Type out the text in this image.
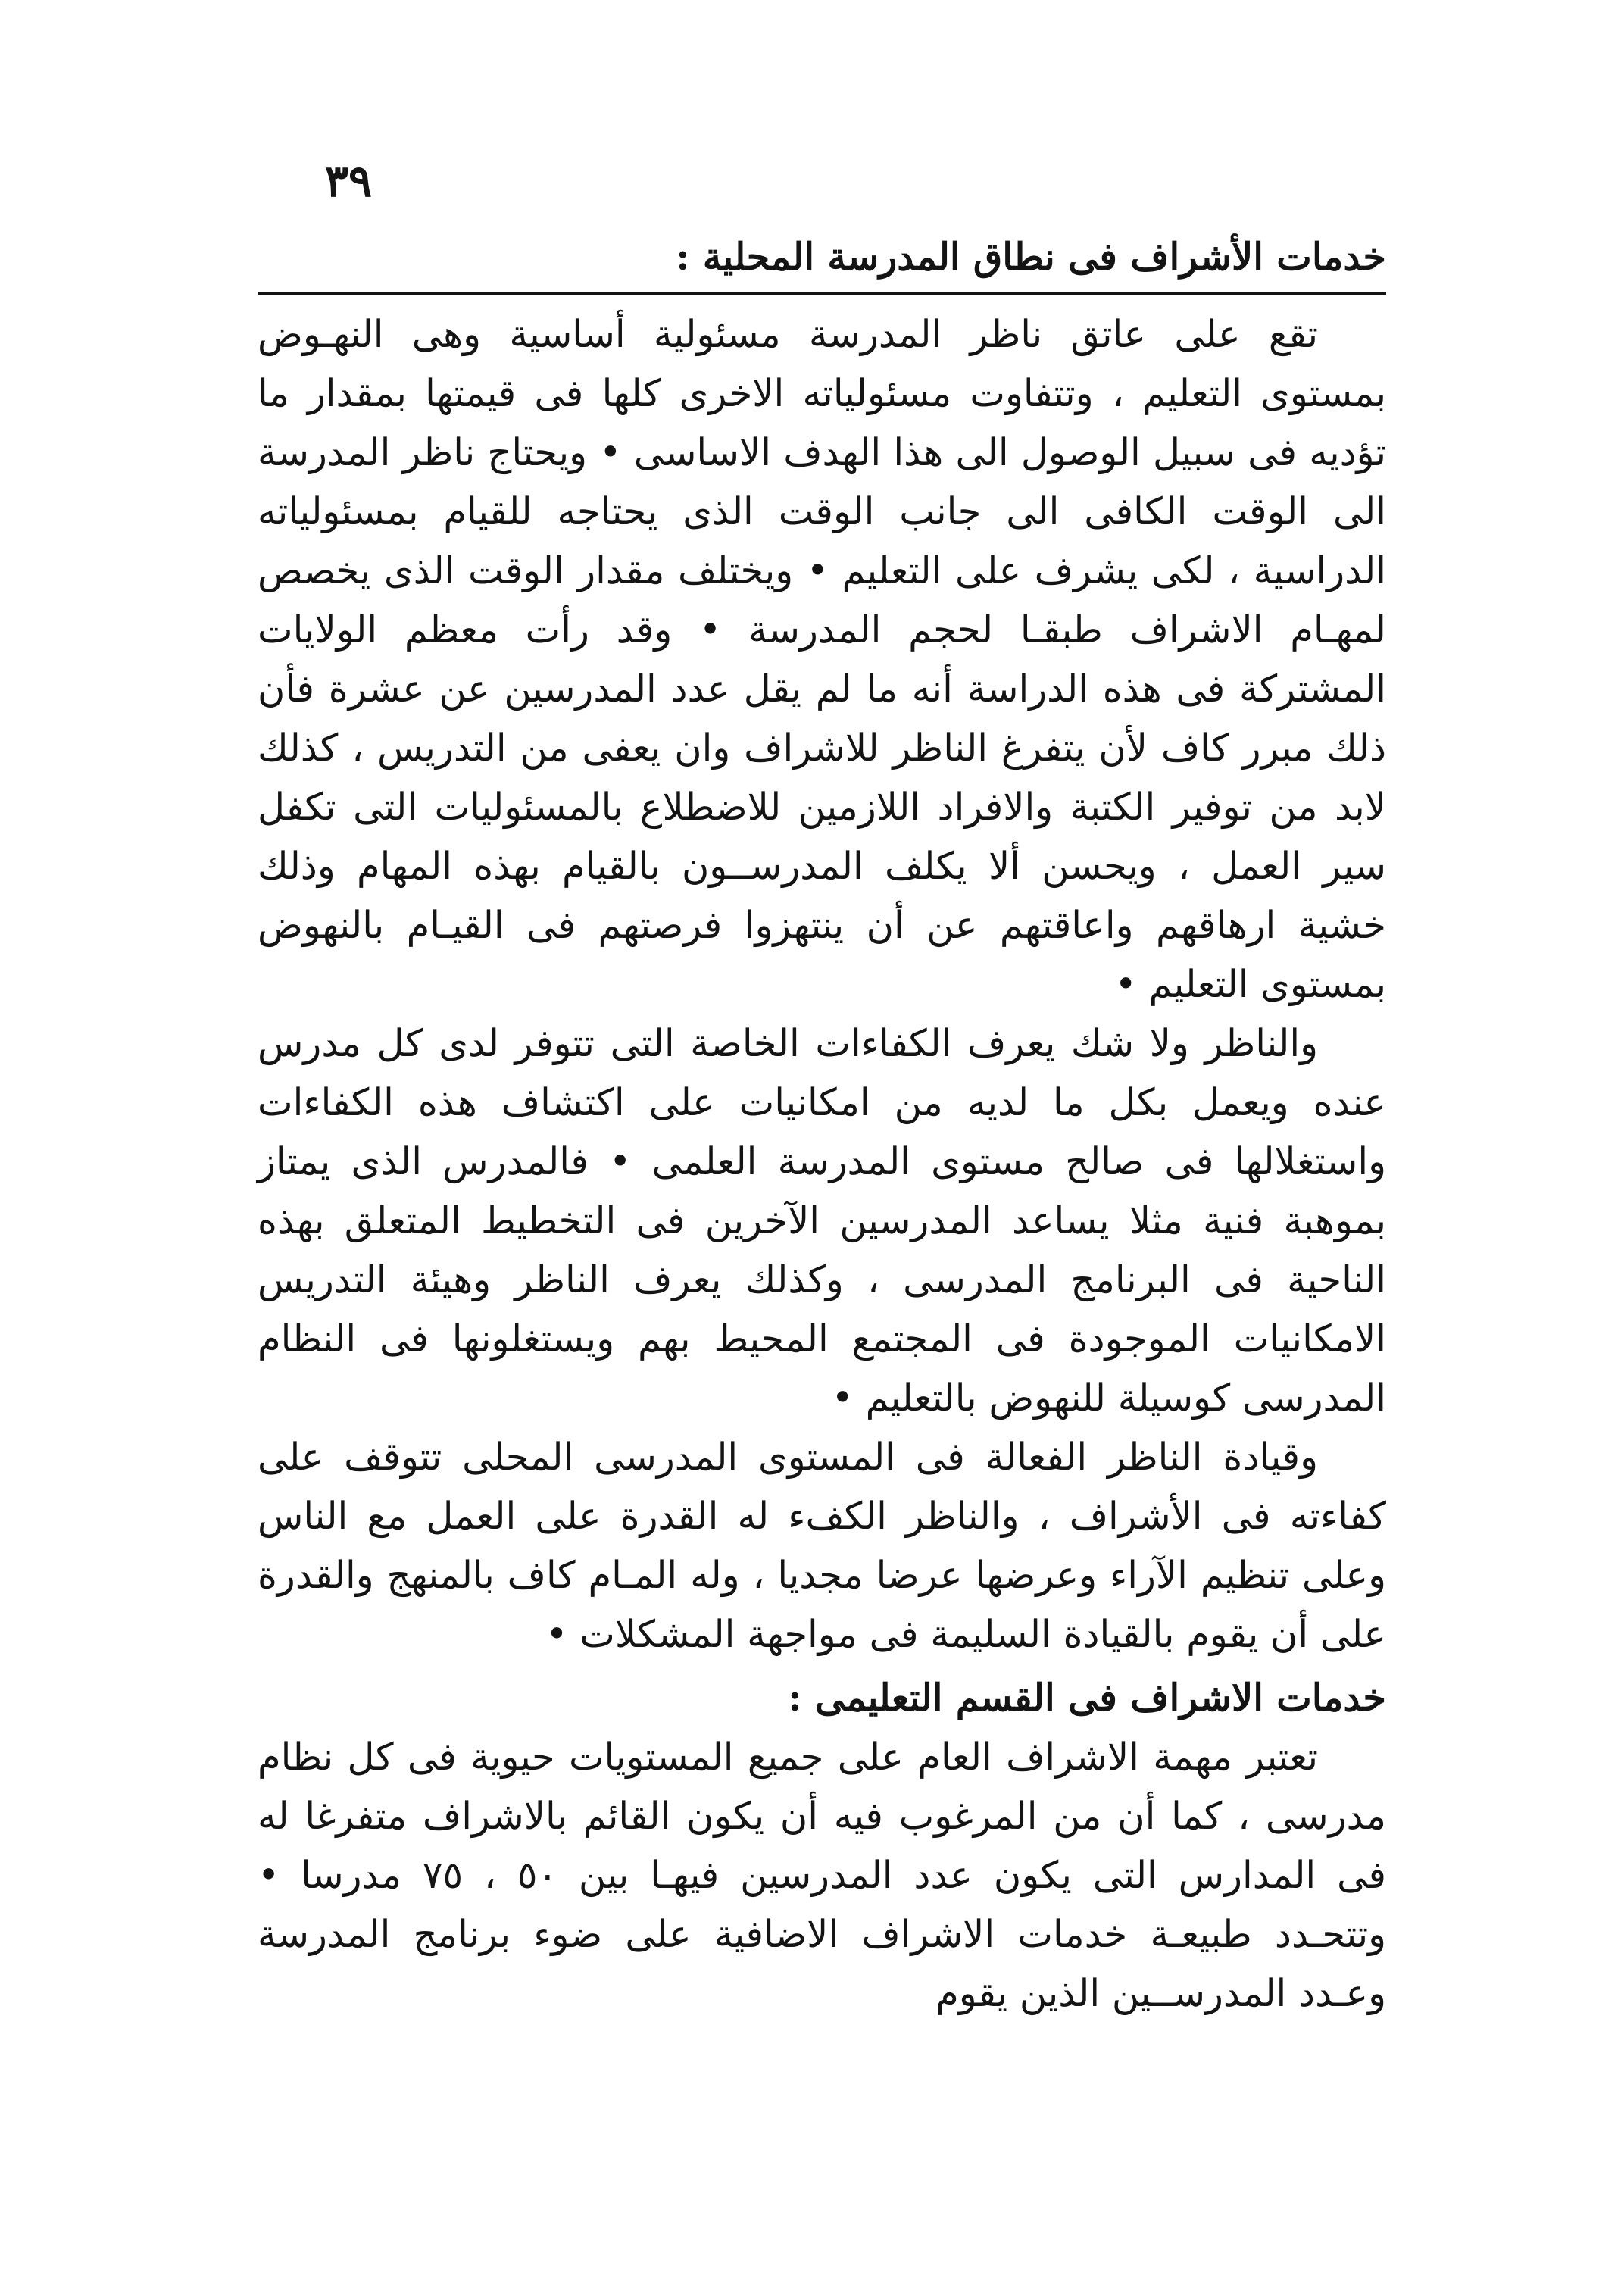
٣٩
خدمات الأشراف فى نطاق المدرسة المحلية :

تقع على عاتق ناظر المدرسة مسئولية أساسية وهى النهـوض بمستوى التعليم ، وتتفاوت مسئولياته الاخرى كلها فى قيمتها بمقدار ما تؤديه فى سبيل الوصول الى هذا الهدف الاساسى • ويحتاج ناظر المدرسة الى الوقت الكافى الى جانب الوقت الذى يحتاجه للقيام بمسئولياته الدراسية ، لكى يشرف على التعليم • ويختلف مقدار الوقت الذى يخصص لمهـام الاشراف طبقـا لحجم المدرسة • وقد رأت معظم الولايات المشتركة فى هذه الدراسة أنه ما لم يقل عدد المدرسين عن عشرة فأن ذلك مبرر كاف لأن يتفرغ الناظر للاشراف وان يعفى من التدريس ، كذلك لابد من توفير الكتبة والافراد اللازمين للاضطلاع بالمسئوليات التى تكفل سير العمل ، ويحسن ألا يكلف المدرســون بالقيام بهذه المهام وذلك خشية ارهاقهم واعاقتهم عن أن ينتهزوا فرصتهم فى القيـام بالنهوض بمستوى التعليم •

والناظر ولا شك يعرف الكفاءات الخاصة التى تتوفر لدى كل مدرس عنده ويعمل بكل ما لديه من امكانيات على اكتشاف هذه الكفاءات واستغلالها فى صالح مستوى المدرسة العلمى • فالمدرس الذى يمتاز بموهبة فنية مثلا يساعد المدرسين الآخرين فى التخطيط المتعلق بهذه الناحية فى البرنامج المدرسى ، وكذلك يعرف الناظر وهيئة التدريس الامكانيات الموجودة فى المجتمع المحيط بهم ويستغلونها فى النظام المدرسى كوسيلة للنهوض بالتعليم •

وقيادة الناظر الفعالة فى المستوى المدرسى المحلى تتوقف على كفاءته فى الأشراف ، والناظر الكفء له القدرة على العمل مع الناس وعلى تنظيم الآراء وعرضها عرضا مجديا ، وله المـام كاف بالمنهج والقدرة على أن يقوم بالقيادة السليمة فى مواجهة المشكلات •

خدمات الاشراف فى القسم التعليمى :

تعتبر مهمة الاشراف العام على جميع المستويات حيوية فى كل نظام مدرسى ، كما أن من المرغوب فيه أن يكون القائم بالاشراف متفرغا له فى المدارس التى يكون عدد المدرسين فيهـا بين ٥٠ ، ٧٥ مدرسا • وتتحـدد طبيعـة خدمات الاشراف الاضافية على ضوء برنامج المدرسة وعـدد المدرســين الذين يقوم
